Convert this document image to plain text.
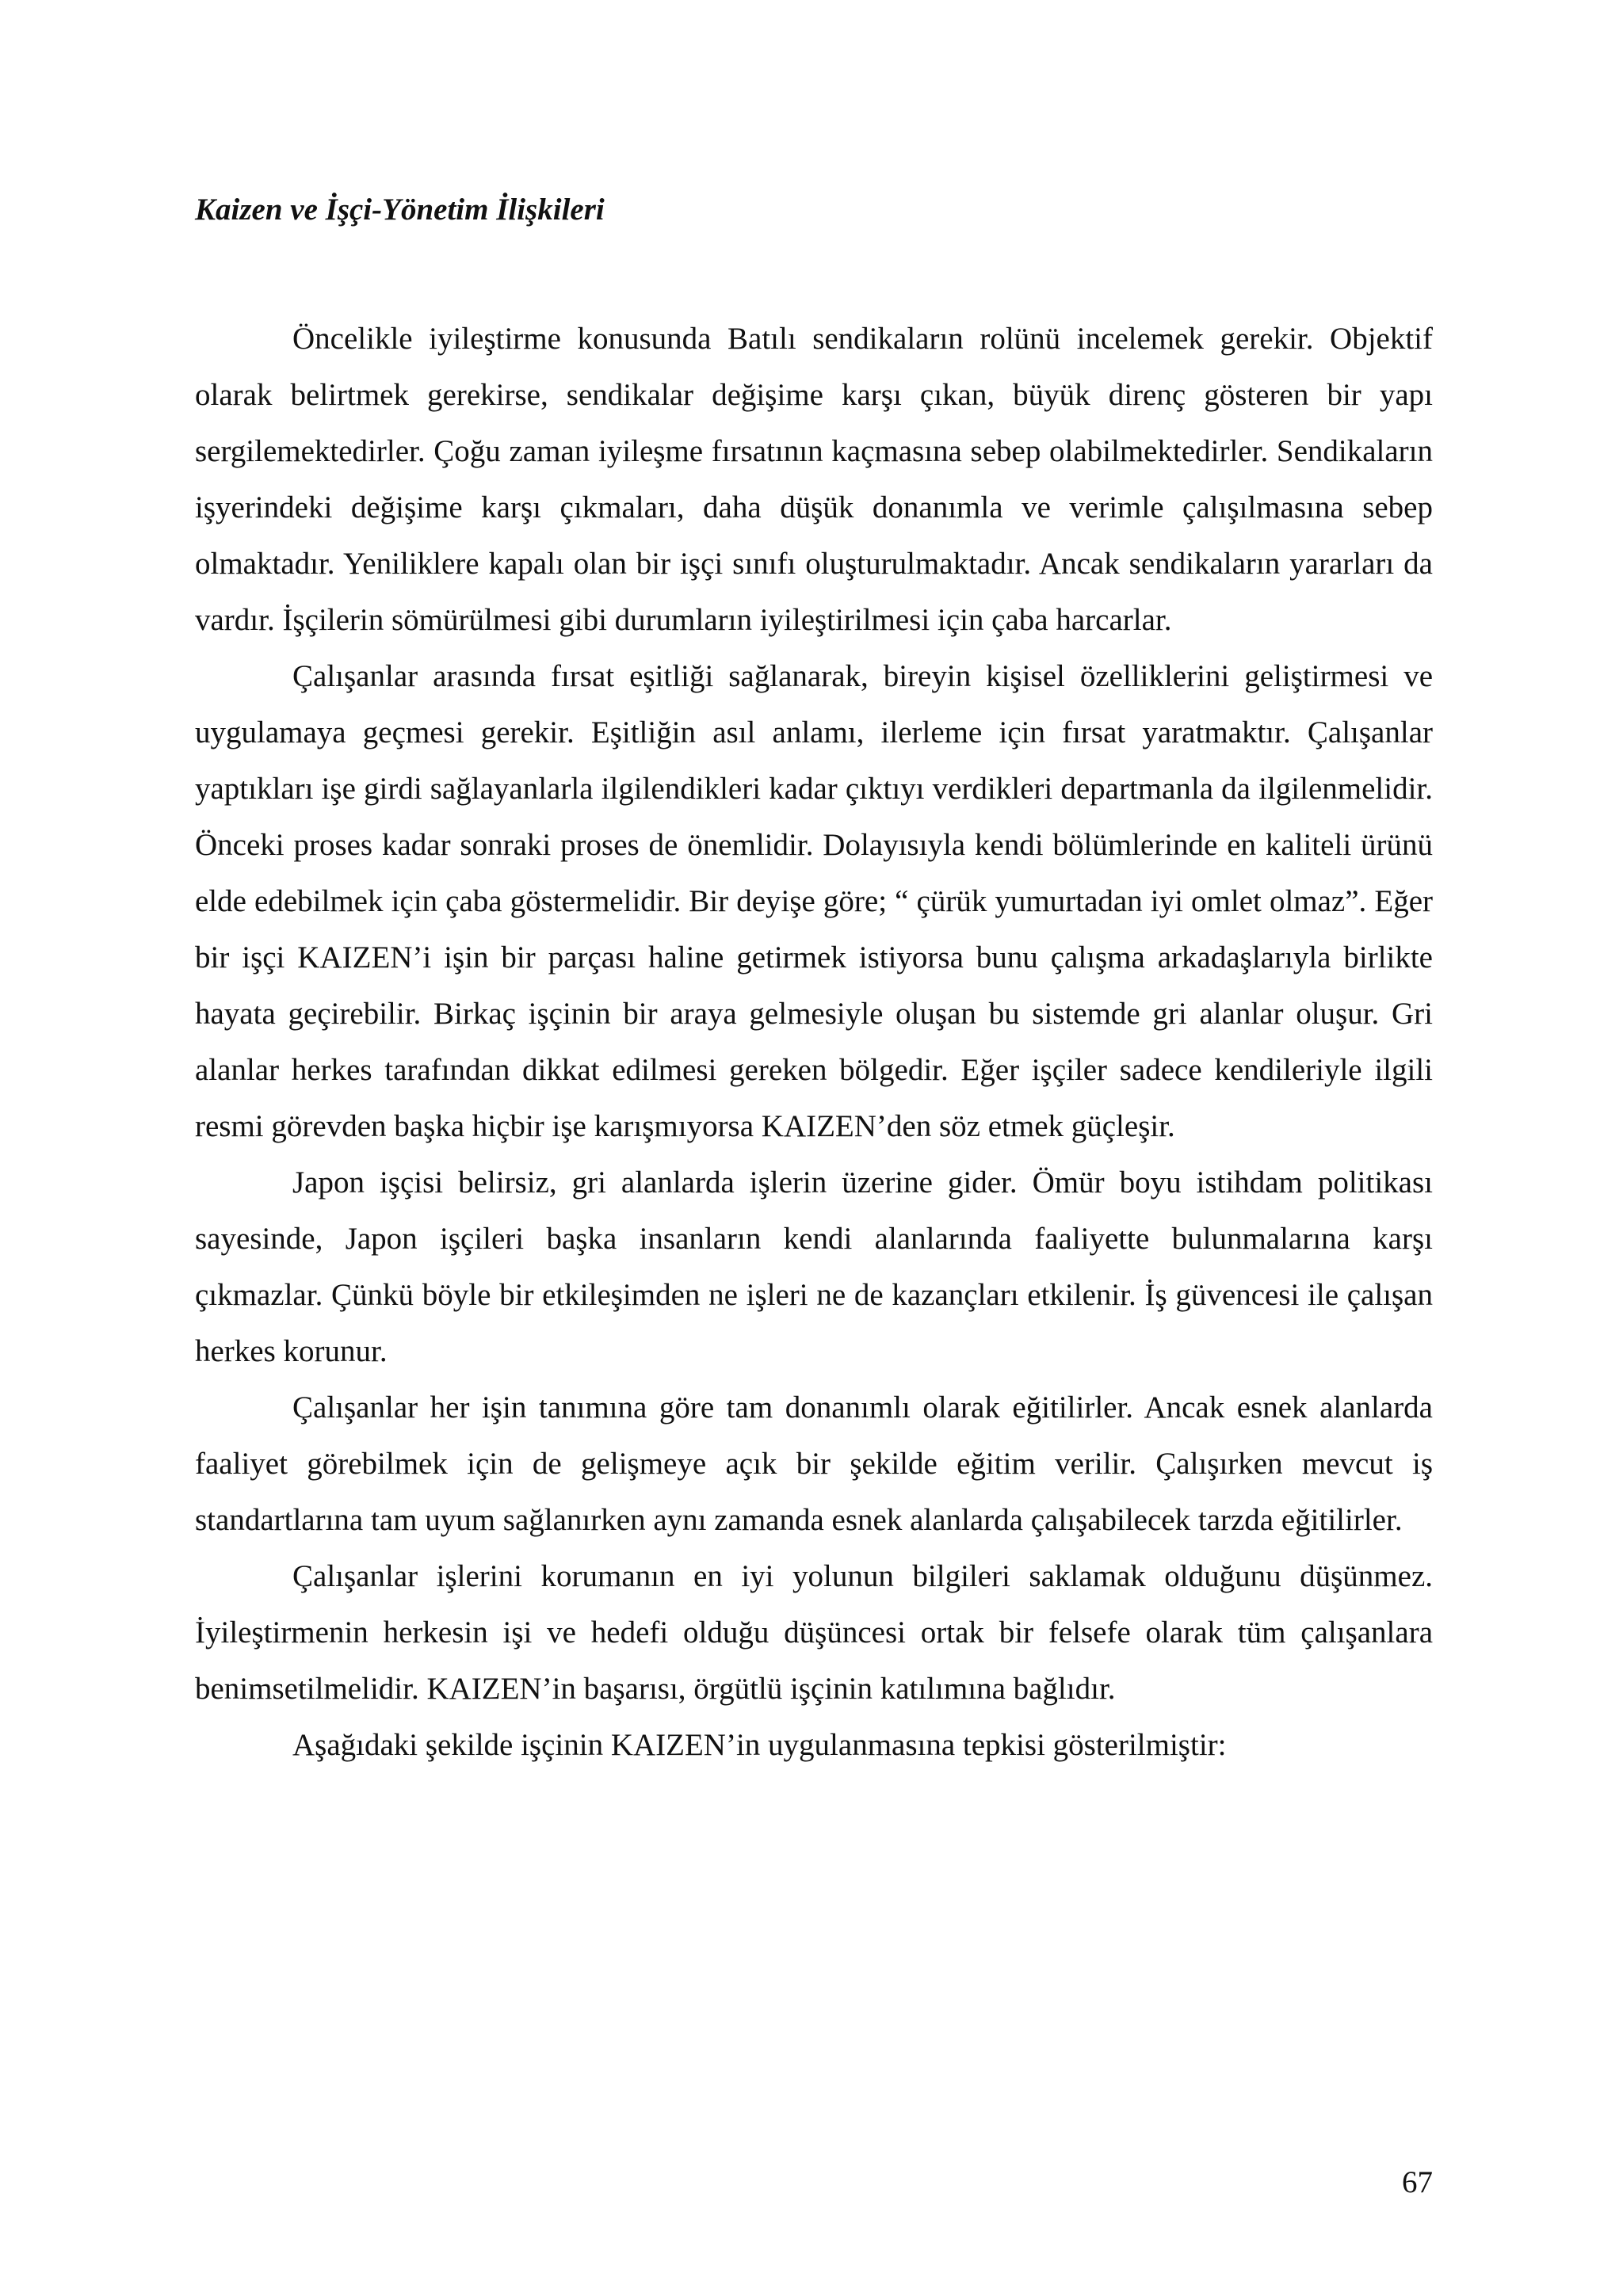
Kaizen ve İşçi-Yönetim İlişkileri

Öncelikle iyileştirme konusunda Batılı sendikaların rolünü incelemek gerekir. Objektif olarak belirtmek gerekirse, sendikalar değişime karşı çıkan, büyük direnç gösteren bir yapı sergilemektedirler. Çoğu zaman iyileşme fırsatının kaçmasına sebep olabilmektedirler. Sendikaların işyerindeki değişime karşı çıkmaları, daha düşük donanımla ve verimle çalışılmasına sebep olmaktadır. Yeniliklere kapalı olan bir işçi sınıfı oluşturulmaktadır. Ancak sendikaların yararları da vardır. İşçilerin sömürülmesi gibi durumların iyileştirilmesi için çaba harcarlar.

Çalışanlar arasında fırsat eşitliği sağlanarak, bireyin kişisel özelliklerini geliştirmesi ve uygulamaya geçmesi gerekir. Eşitliğin asıl anlamı, ilerleme için fırsat yaratmaktır. Çalışanlar yaptıkları işe girdi sağlayanlarla ilgilendikleri kadar çıktıyı verdikleri departmanla da ilgilenmelidir. Önceki proses kadar sonraki proses de önemlidir. Dolayısıyla kendi bölümlerinde en kaliteli ürünü elde edebilmek için çaba göstermelidir. Bir deyişe göre; “ çürük yumurtadan iyi omlet olmaz”. Eğer bir işçi KAIZEN’i işin bir parçası haline getirmek istiyorsa bunu çalışma arkadaşlarıyla birlikte hayata geçirebilir. Birkaç işçinin bir araya gelmesiyle oluşan bu sistemde gri alanlar oluşur. Gri alanlar herkes tarafından dikkat edilmesi gereken bölgedir. Eğer işçiler sadece kendileriyle ilgili resmi görevden başka hiçbir işe karışmıyorsa KAIZEN’den söz etmek güçleşir.

Japon işçisi belirsiz, gri alanlarda işlerin üzerine gider. Ömür boyu istihdam politikası sayesinde, Japon işçileri başka insanların kendi alanlarında faaliyette bulunmalarına karşı çıkmazlar. Çünkü böyle bir etkileşimden ne işleri ne de kazançları etkilenir. İş güvencesi ile çalışan herkes korunur.

Çalışanlar her işin tanımına göre tam donanımlı olarak eğitilirler. Ancak esnek alanlarda faaliyet görebilmek için de gelişmeye açık bir şekilde eğitim verilir. Çalışırken mevcut iş standartlarına tam uyum sağlanırken aynı zamanda esnek alanlarda çalışabilecek tarzda eğitilirler.

Çalışanlar işlerini korumanın en iyi yolunun bilgileri saklamak olduğunu düşünmez. İyileştirmenin herkesin işi ve hedefi olduğu düşüncesi ortak bir felsefe olarak tüm çalışanlara benimsetilmelidir. KAIZEN’in başarısı, örgütlü işçinin katılımına bağlıdır.

Aşağıdaki şekilde işçinin KAIZEN’in uygulanmasına tepkisi gösterilmiştir:

67
